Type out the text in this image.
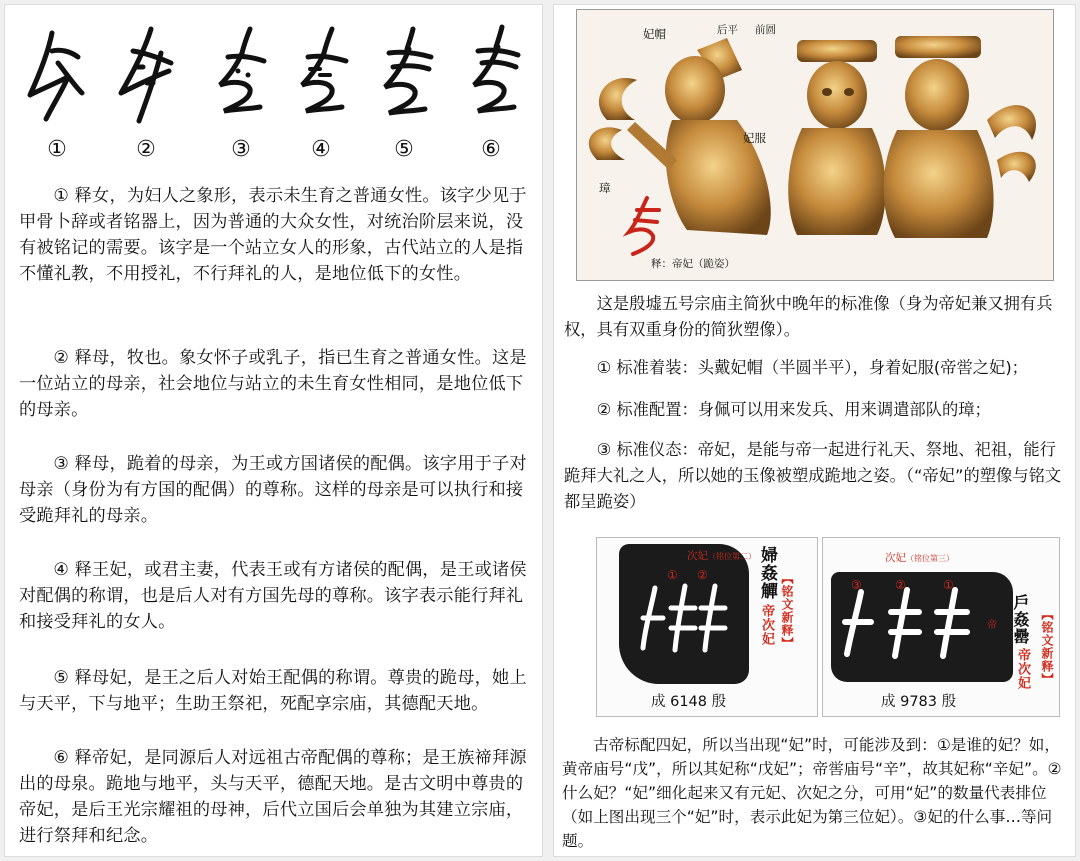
①	②	③	④	⑤	⑥

① 释女，为妇人之象形，表示未生育之普通女性。该字少见于甲骨卜辞或者铭器上，因为普通的大众女性，对统治阶层来说，没有被铭记的需要。该字是一个站立女人的形象，古代站立的人是指不懂礼教，不用授礼，不行拜礼的人，是地位低下的女性。

② 释母，牧也。象女怀子或乳子，指已生育之普通女性。这是一位站立的母亲，社会地位与站立的未生育女性相同，是地位低下的母亲。

③ 释母，跪着的母亲，为王或方国诸侯的配偶。该字用于子对母亲（身份为有方国的配偶）的尊称。这样的母亲是可以执行和接受跪拜礼的母亲。

④ 释王妃，或君主妻，代表王或有方诸侯的配偶，是王或诸侯对配偶的称谓，也是后人对有方国先母的尊称。该字表示能行拜礼和接受拜礼的女人。

⑤ 释母妃，是王之后人对始王配偶的称谓。尊贵的跪母，她上与天平，下与地平；生助王祭祀，死配享宗庙，其德配天地。

⑥ 释帝妃，是同源后人对远祖古帝配偶的尊称；是王族禘拜源出的母泉。跪地与地平，头与天平，德配天地。是古文明中尊贵的帝妃，是后王光宗耀祖的母神，后代立国后会单独为其建立宗庙，进行祭拜和纪念。

妃帽	后平 前圆
妃服
璋
释：帝妃（跪姿）

这是殷墟五号宗庙主简狄中晚年的标准像（身为帝妃兼又拥有兵权，具有双重身份的简狄塑像）。

① 标准着装：头戴妃帽（半圆半平），身着妃服(帝喾之妃)；

② 标准配置：身佩可以用来发兵、用来调遣部队的璋；

③ 标准仪态：帝妃，是能与帝一起进行礼天、祭地、祀祖，能行跪拜大礼之人，所以她的玉像被塑成跪地之姿。（“帝妃”的塑像与铭文都呈跪姿）

次妃（铭位第二）
① ②	婦姦觶 【铭文新释】
帝次妃
成 6148 殷
次妃（铭位第三）
③	②	①
帝 戶姦罍 【铭文新释】
帝次妃
成 9783 殷

古帝标配四妃，所以当出现“妃”时，可能涉及到：①是谁的妃？如，黄帝庙号“戊”，所以其妃称“戊妃”；帝喾庙号“辛”，故其妃称“辛妃”。②什么妃？“妃”细化起来又有元妃、次妃之分，可用“妃”的数量代表排位（如上图出现三个“妃”时，表示此妃为第三位妃）。③妃的什么事…等问题。
